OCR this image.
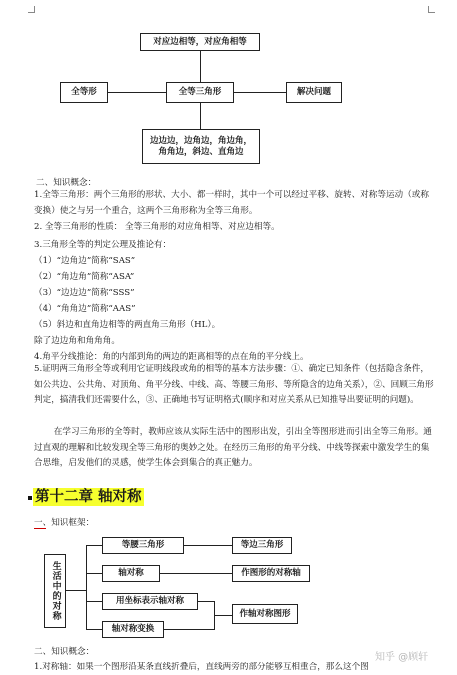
对应边相等，对应角相等
全等形	全等三角形	解决问题
边边边，边角边，角边角，
角角边，斜边、直角边
二、知识概念：
1.全等三角形：两个三角形的形状、大小、都一样时，其中一个可以经过平移、旋转、对称等运动（或称变换）使之与另一个重合，这两个三角形称为全等三角形。
2. 全等三角形的性质： 全等三角形的对应角相等、对应边相等。
3.三角形全等的判定公理及推论有：
（1）“边角边”简称“SAS”
（2）“角边角”简称“ASA”
（3）“边边边”简称“SSS”
（4）“角角边”简称“AAS”
（5）斜边和直角边相等的两直角三角形（HL）。
除了边边角和角角角。
4.角平分线推论：角的内部到角的两边的距离相等的点在角的平分线上。
5.证明两三角形全等或利用它证明线段或角的相等的基本方法步骤：①、确定已知条件（包括隐含条件，如公共边、公共角、对顶角、角平分线、中线、高、等腰三角形、等所隐含的边角关系），②、回顾三角形判定，搞清我们还需要什么，③、正确地书写证明格式(顺序和对应关系从已知推导出要证明的问题)。
在学习三角形的全等时，教师应该从实际生活中的图形出发，引出全等图形进而引出全等三角形。通过直观的理解和比较发现全等三角形的奥妙之处。在经历三角形的角平分线、中线等探索中激发学生的集合思维，启发他们的灵感，使学生体会到集合的真正魅力。
第十二章 轴对称
一、知识框架：
生活中的对称
等腰三角形	等边三角形
轴对称	作图形的对称轴
用坐标表示轴对称
作轴对称图形
轴对称变换
二、知识概念：
1.对称轴：如果一个图形沿某条直线折叠后，直线两旁的部分能够互相重合，那么这个图
知乎 @顾轩
